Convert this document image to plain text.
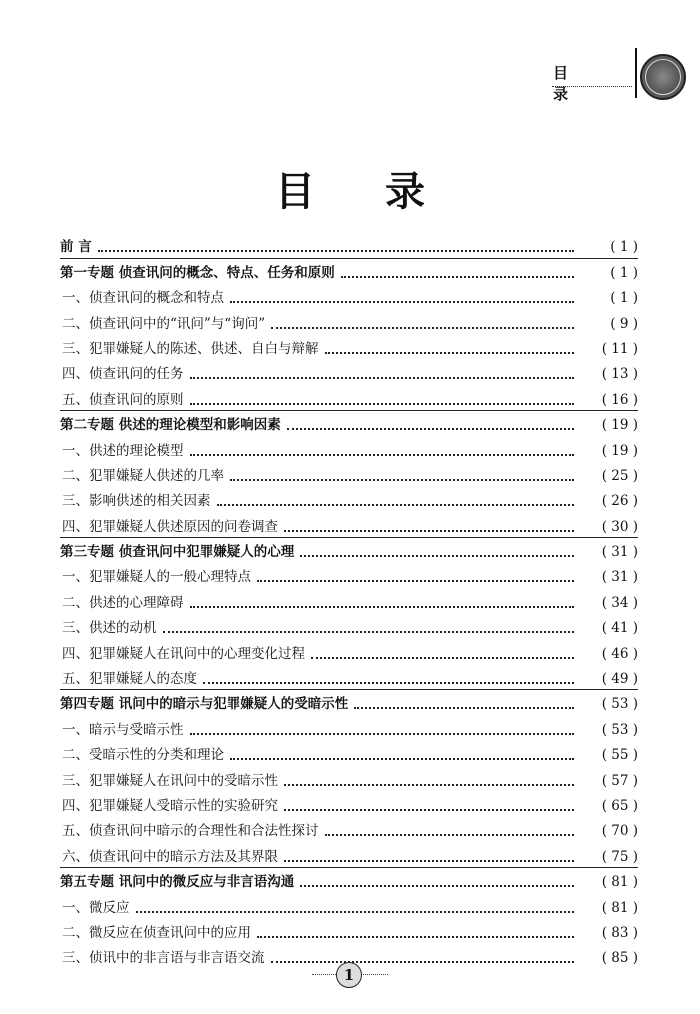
目 录
目录
前 言	( 1 )
第一专题 侦查讯问的概念、特点、任务和原则	( 1 )
一、侦查讯问的概念和特点	( 1 )
二、侦查讯问中的“讯问”与“询问”	( 9 )
三、犯罪嫌疑人的陈述、供述、自白与辩解	( 11 )
四、侦查讯问的任务	( 13 )
五、侦查讯问的原则	( 16 )
第二专题 供述的理论模型和影响因素	( 19 )
一、供述的理论模型	( 19 )
二、犯罪嫌疑人供述的几率	( 25 )
三、影响供述的相关因素	( 26 )
四、犯罪嫌疑人供述原因的问卷调查	( 30 )
第三专题 侦查讯问中犯罪嫌疑人的心理	( 31 )
一、犯罪嫌疑人的一般心理特点	( 31 )
二、供述的心理障碍	( 34 )
三、供述的动机	( 41 )
四、犯罪嫌疑人在讯问中的心理变化过程	( 46 )
五、犯罪嫌疑人的态度	( 49 )
第四专题 讯问中的暗示与犯罪嫌疑人的受暗示性	( 53 )
一、暗示与受暗示性	( 53 )
二、受暗示性的分类和理论	( 55 )
三、犯罪嫌疑人在讯问中的受暗示性	( 57 )
四、犯罪嫌疑人受暗示性的实验研究	( 65 )
五、侦查讯问中暗示的合理性和合法性探讨	( 70 )
六、侦查讯问中的暗示方法及其界限	( 75 )
第五专题 讯问中的微反应与非言语沟通	( 81 )
一、微反应	( 81 )
二、微反应在侦查讯问中的应用	( 83 )
三、侦讯中的非言语与非言语交流	( 85 )
1
